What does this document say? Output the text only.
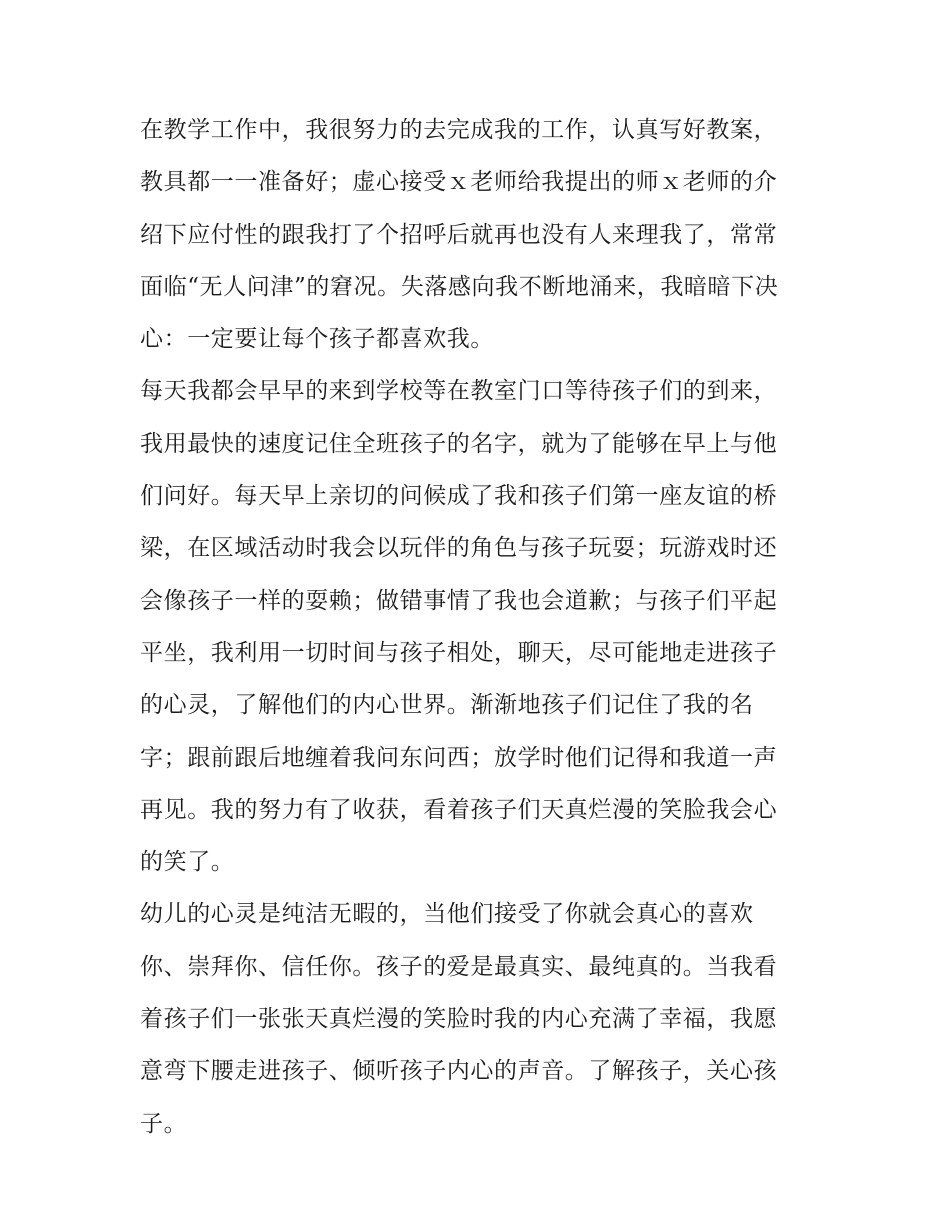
在教学工作中，我很努力的去完成我的工作，认真写好教案，
教具都一一准备好；虚心接受ｘ老师给我提出的师ｘ老师的介
绍下应付性的跟我打了个招呼后就再也没有人来理我了，常常
面临“无人问津”的窘况。失落感向我不断地涌来，我暗暗下决
心：一定要让每个孩子都喜欢我。
每天我都会早早的来到学校等在教室门口等待孩子们的到来，
我用最快的速度记住全班孩子的名字，就为了能够在早上与他
们问好。每天早上亲切的问候成了我和孩子们第一座友谊的桥
梁，在区域活动时我会以玩伴的角色与孩子玩耍；玩游戏时还
会像孩子一样的耍赖；做错事情了我也会道歉；与孩子们平起
平坐，我利用一切时间与孩子相处，聊天，尽可能地走进孩子
的心灵，了解他们的内心世界。渐渐地孩子们记住了我的名
字；跟前跟后地缠着我问东问西；放学时他们记得和我道一声
再见。我的努力有了收获，看着孩子们天真烂漫的笑脸我会心
的笑了。
幼儿的心灵是纯洁无暇的，当他们接受了你就会真心的喜欢
你、崇拜你、信任你。孩子的爱是最真实、最纯真的。当我看
着孩子们一张张天真烂漫的笑脸时我的内心充满了幸福，我愿
意弯下腰走进孩子、倾听孩子内心的声音。了解孩子，关心孩
子。
